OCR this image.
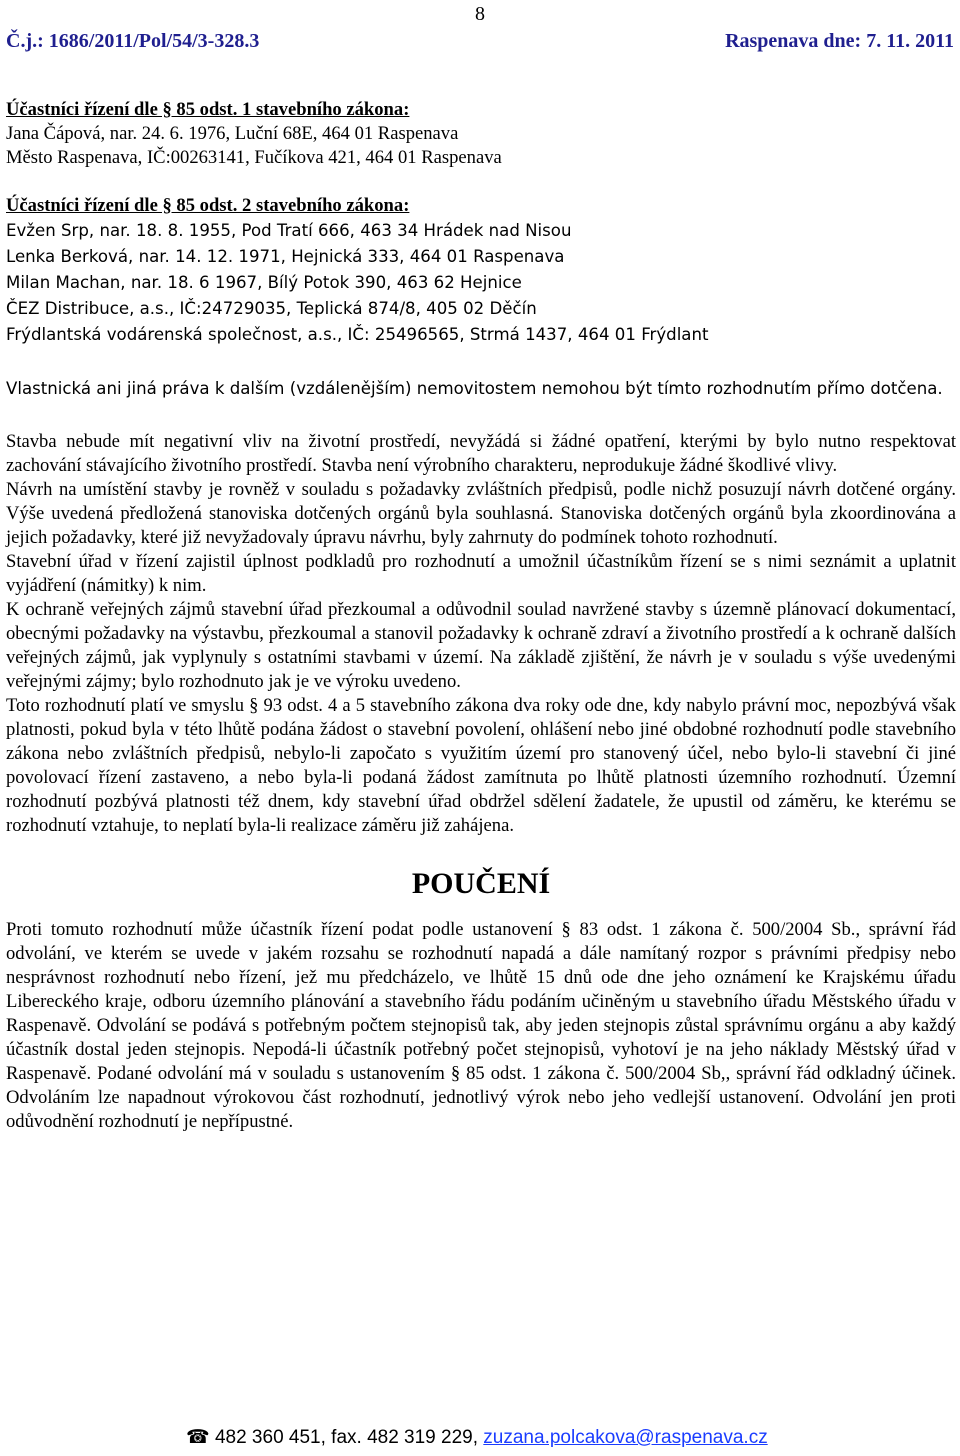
8
Č.j.: 1686/2011/Pol/54/3-328.3	Raspenava dne: 7. 11. 2011
Účastníci řízení dle § 85 odst. 1 stavebního zákona:
Jana Čápová, nar. 24. 6. 1976, Luční 68E, 464 01 Raspenava
Město Raspenava, IČ:00263141, Fučíkova 421, 464 01 Raspenava
Účastníci řízení dle § 85 odst. 2 stavebního zákona:
Evžen Srp, nar. 18. 8. 1955, Pod Tratí 666, 463 34 Hrádek nad Nisou
Lenka Berková, nar. 14. 12. 1971, Hejnická 333, 464 01 Raspenava
Milan Machan, nar. 18. 6 1967, Bílý Potok 390, 463 62 Hejnice
ČEZ Distribuce, a.s., IČ:24729035, Teplická 874/8, 405 02 Děčín
Frýdlantská vodárenská společnost, a.s., IČ: 25496565, Strmá 1437, 464 01 Frýdlant
Vlastnická ani jiná práva k dalším (vzdálenějším) nemovitostem nemohou být tímto rozhodnutím přímo dotčena.
Stavba nebude mít negativní vliv na životní prostředí, nevyžádá si žádné opatření, kterými by bylo nutno respektovat zachování stávajícího životního prostředí. Stavba není výrobního charakteru, neprodukuje žádné škodlivé vlivy.
Návrh na umístění stavby je rovněž v souladu s požadavky zvláštních předpisů, podle nichž posuzují návrh dotčené orgány. Výše uvedená předložená stanoviska dotčených orgánů byla souhlasná. Stanoviska dotčených orgánů byla zkoordinována a jejich požadavky, které již nevyžadovaly úpravu návrhu, byly zahrnuty do podmínek tohoto rozhodnutí.
Stavební úřad v řízení zajistil úplnost podkladů pro rozhodnutí a umožnil účastníkům řízení se s nimi seznámit a uplatnit vyjádření (námitky) k nim.
K ochraně veřejných zájmů stavební úřad přezkoumal a odůvodnil soulad navržené stavby s územně plánovací dokumentací, obecnými požadavky na výstavbu, přezkoumal a stanovil požadavky k ochraně zdraví a životního prostředí a k ochraně dalších veřejných zájmů, jak vyplynuly s ostatními stavbami v území. Na základě zjištění, že návrh je v souladu s výše uvedenými veřejnými zájmy; bylo rozhodnuto jak je ve výroku uvedeno.
Toto rozhodnutí platí ve smyslu § 93 odst. 4 a 5 stavebního zákona dva roky ode dne, kdy nabylo právní moc, nepozbývá však platnosti, pokud byla v této lhůtě podána žádost o stavební povolení, ohlášení nebo jiné obdobné rozhodnutí podle stavebního zákona nebo zvláštních předpisů, nebylo-li započato s využitím území pro stanovený účel, nebo bylo-li stavební či jiné povolovací řízení zastaveno, a nebo byla-li podaná žádost zamítnuta po lhůtě platnosti územního rozhodnutí. Územní rozhodnutí pozbývá platnosti též dnem, kdy stavební úřad obdržel sdělení žadatele, že upustil od záměru, ke kterému se rozhodnutí vztahuje, to neplatí byla-li realizace záměru již zahájena.
POUČENÍ
Proti tomuto rozhodnutí může účastník řízení podat podle ustanovení § 83 odst. 1 zákona č. 500/2004 Sb., správní řád odvolání, ve kterém se uvede v jakém rozsahu se rozhodnutí napadá a dále namítaný rozpor s právními předpisy nebo nesprávnost rozhodnutí nebo řízení, jež mu předcházelo, ve lhůtě 15 dnů ode dne jeho oznámení ke Krajskému úřadu Libereckého kraje, odboru územního plánování a stavebního řádu podáním učiněným u stavebního úřadu Městského úřadu v Raspenavě. Odvolání se podává s potřebným počtem stejnopisů tak, aby jeden stejnopis zůstal správnímu orgánu a aby každý účastník dostal jeden stejnopis. Nepodá-li účastník potřebný počet stejnopisů, vyhotoví je na jeho náklady Městský úřad v Raspenavě. Podané odvolání má v souladu s ustanovením § 85 odst. 1 zákona č. 500/2004 Sb,, správní řád odkladný účinek. Odvoláním lze napadnout výrokovou část rozhodnutí, jednotlivý výrok nebo jeho vedlejší ustanovení. Odvolání jen proti odůvodnění rozhodnutí je nepřípustné.
☎ 482 360 451, fax. 482 319 229, zuzana.polcakova@raspenava.cz
